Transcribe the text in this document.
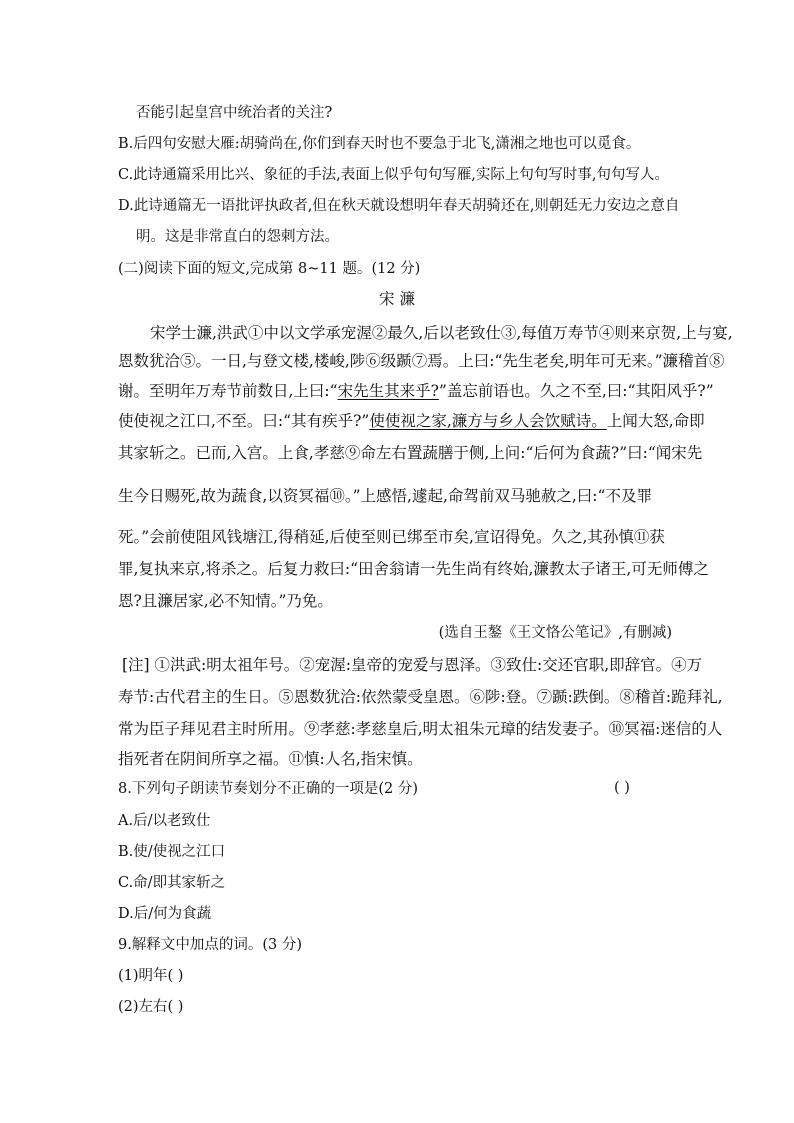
否能引起皇宫中统治者的关注?
B.后四句安慰大雁:胡骑尚在,你们到春天时也不要急于北飞,潇湘之地也可以觅食。
C.此诗通篇采用比兴、象征的手法,表面上似乎句句写雁,实际上句句写时事,句句写人。
D.此诗通篇无一语批评执政者,但在秋天就设想明年春天胡骑还在,则朝廷无力安边之意自
明。这是非常直白的怨刺方法。
(二)阅读下面的短文,完成第 8~11 题。(12 分)
宋 濂
宋学士濂,洪武①中以文学承宠渥②最久,后以老致仕③,每值万寿节④则来京贺,上与宴,
恩数犹洽⑤。一日,与登文楼,楼峻,陟⑥级踬⑦焉。上曰:“先生老矣,明年可无来。”濂稽首⑧
谢。至明年万寿节前数日,上曰:“宋先生其来乎?”盖忘前语也。久之不至,曰:“其阳风乎?”
使使视之江口,不至。曰:“其有疾乎?”使使视之家,濂方与乡人会饮赋诗。上闻大怒,命即
其家斩之。已而,入宫。上食,孝慈⑨命左右置蔬膳于侧,上问:“后何为食蔬?”曰:“闻宋先
生今日赐死,故为蔬食,以资冥福⑩。”上感悟,遽起,命驾前双马驰赦之,曰:“不及罪
死。”会前使阻风钱塘江,得稍延,后使至则已绑至市矣,宣诏得免。久之,其孙慎⑪获
罪,复执来京,将杀之。后复力救曰:“田舍翁请一先生尚有终始,濂教太子诸王,可无师傅之
恩?且濂居家,必不知情。”乃免。
(选自王鏊《王文恪公笔记》,有删减)
[注] ①洪武:明太祖年号。②宠渥:皇帝的宠爱与恩泽。③致仕:交还官职,即辞官。④万
寿节:古代君主的生日。⑤恩数犹洽:依然蒙受皇恩。⑥陟:登。⑦踬:跌倒。⑧稽首:跪拜礼,
常为臣子拜见君主时所用。⑨孝慈:孝慈皇后,明太祖朱元璋的结发妻子。⑩冥福:迷信的人
指死者在阴间所享之福。⑪慎:人名,指宋慎。
8.下列句子朗读节奏划分不正确的一项是(2 分)	( )
A.后/以老致仕
B.使/使视之江口
C.命/即其家斩之
D.后/何为食蔬
9.解释文中加点的词。(3 分)
(1)明年( )
(2)左右( )
